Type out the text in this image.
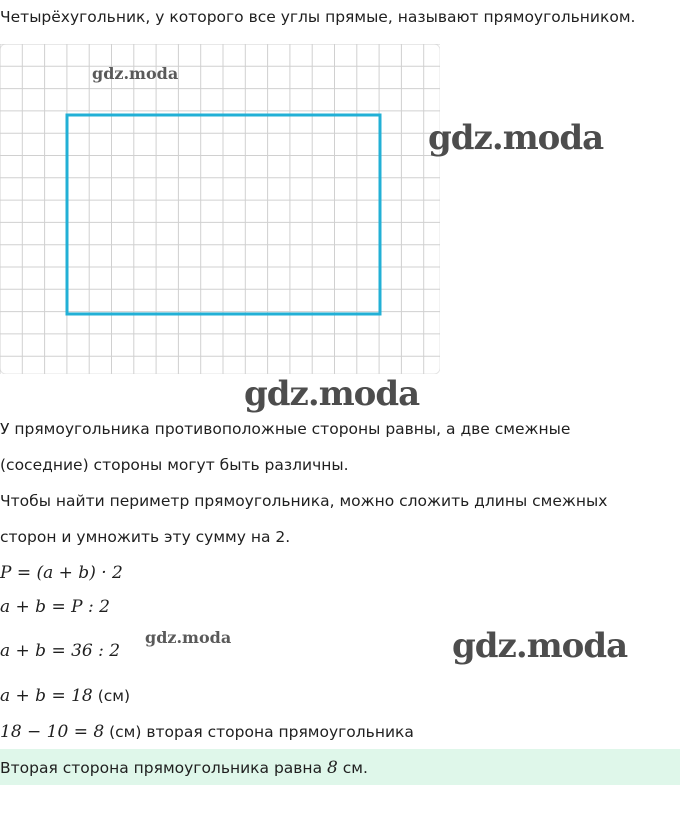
Четырёхугольник, у которого все углы прямые, называют прямоугольником.
gdz.moda
gdz.moda
gdz.moda
У прямоугольника противоположные стороны равны, а две смежные
(соседние) стороны могут быть различны.
Чтобы найти периметр прямоугольника, можно сложить длины смежных
сторон и умножить эту сумму на 2.
P = (a + b) · 2
a + b = P : 2
a + b = 36 : 2
gdz.moda	gdz.moda
a + b = 18 (см)
18 − 10 = 8 (см) вторая сторона прямоугольника
Вторая сторона прямоугольника равна 8 см.
